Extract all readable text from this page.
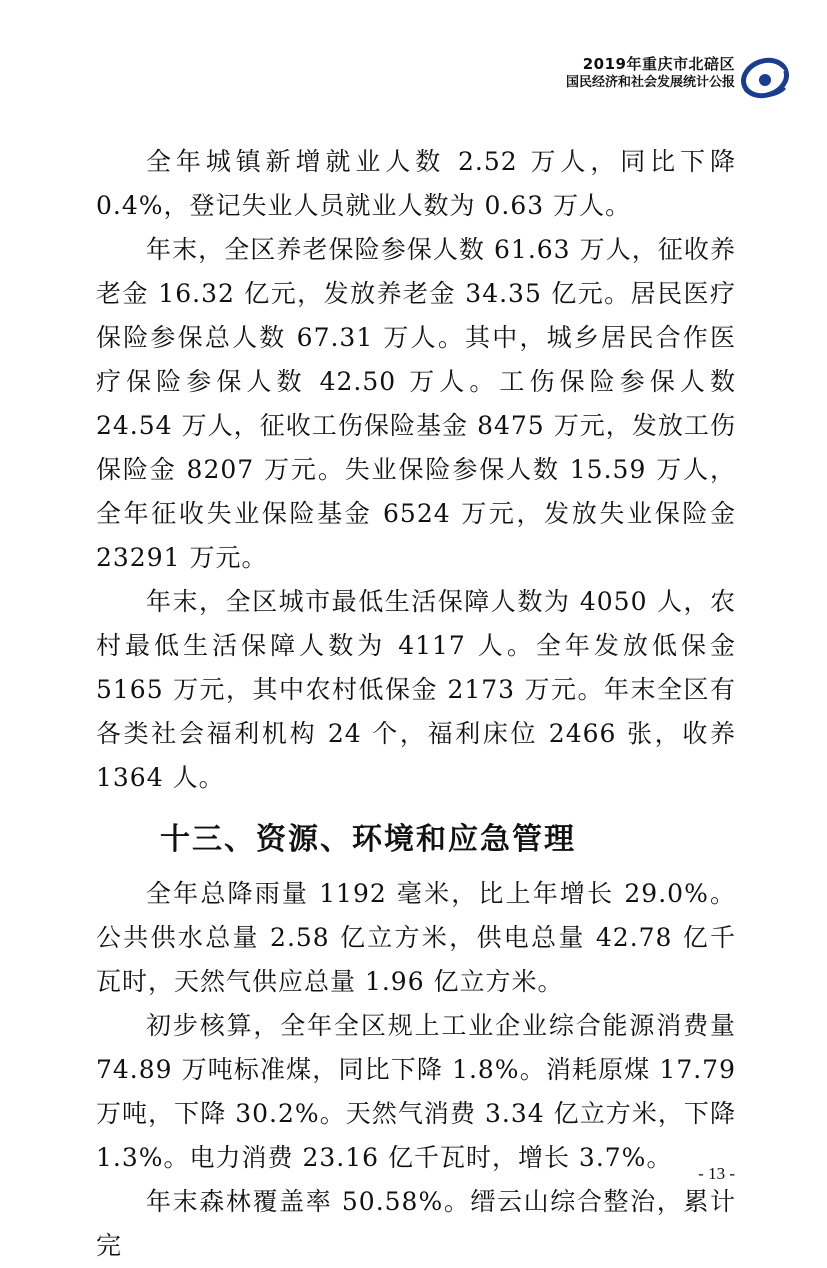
2019年重庆市北碚区
国民经济和社会发展统计公报

全年城镇新增就业人数 2.52 万人，同比下降 0.4%，登记失业人员就业人数为 0.63 万人。

年末，全区养老保险参保人数 61.63 万人，征收养老金 16.32 亿元，发放养老金 34.35 亿元。居民医疗保险参保总人数 67.31 万人。其中，城乡居民合作医疗保险参保人数 42.50 万人。工伤保险参保人数 24.54 万人，征收工伤保险基金 8475 万元，发放工伤保险金 8207 万元。失业保险参保人数 15.59 万人，全年征收失业保险基金 6524 万元，发放失业保险金 23291 万元。

年末，全区城市最低生活保障人数为 4050 人，农村最低生活保障人数为 4117 人。全年发放低保金 5165 万元，其中农村低保金 2173 万元。年末全区有各类社会福利机构 24 个，福利床位 2466 张，收养 1364 人。

十三、资源、环境和应急管理

全年总降雨量 1192 毫米，比上年增长 29.0%。公共供水总量 2.58 亿立方米，供电总量 42.78 亿千瓦时，天然气供应总量 1.96 亿立方米。

初步核算，全年全区规上工业企业综合能源消费量 74.89 万吨标准煤，同比下降 1.8%。消耗原煤 17.79 万吨，下降 30.2%。天然气消费 3.34 亿立方米，下降 1.3%。电力消费 23.16 亿千瓦时，增长 3.7%。

年末森林覆盖率 50.58%。缙云山综合整治，累计完

- 13 -
